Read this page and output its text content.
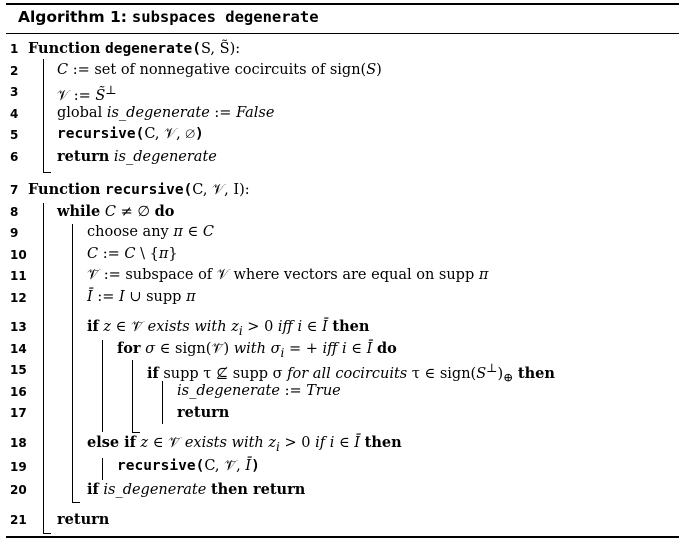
Algorithm 1: subspaces degenerate
1 Function degenerate(S, S̃):
2	C := set of nonnegative cocircuits of sign(S)
3	𝒱 := S̃⊥
4	global is_degenerate := False
5	recursive(C, 𝒱, ∅)
6	return is_degenerate
7 Function recursive(C, 𝒱, I):
8	while C ≠ ∅ do
9	choose any π ∈ C
10	C := C \ {π}
11	𝒱̄ := subspace of 𝒱 where vectors are equal on supp π
12	Ī := I ∪ supp π
13	if z ∈ 𝒱̄ exists with $z_i > 0$ iff i ∈ Ī then
14	for σ ∈ sign(𝒱̄) with $\sigma_i$ = + iff i ∈ Ī do
15	if supp τ ⊈ supp σ for all cocircuits τ ∈ $sign(S^\perp)_\oplus$ then
16	is_degenerate := True
17	return
18	else if z ∈ 𝒱̄ exists with $z_i > 0$ if i ∈ Ī then
19	recursive(C, 𝒱̄, Ī)
20	if is_degenerate then return
21	return
